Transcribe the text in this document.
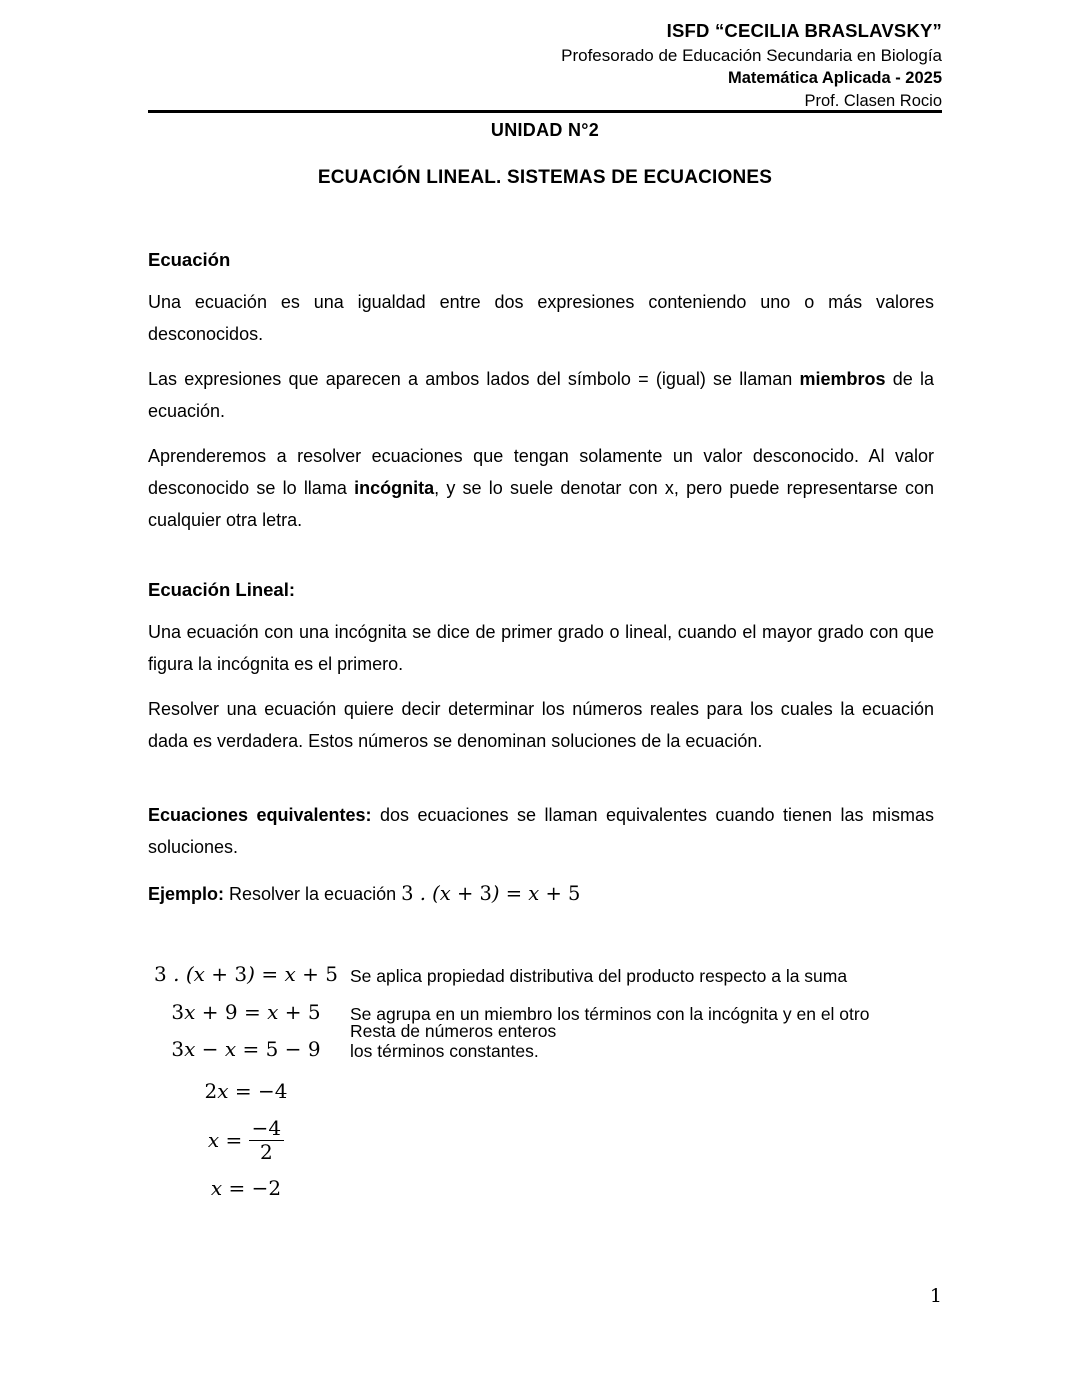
ISFD “CECILIA BRASLAVSKY”
Profesorado de Educación Secundaria en Biología
Matemática Aplicada - 2025
Prof. Clasen Rocio
UNIDAD N°2
ECUACIÓN LINEAL. SISTEMAS DE ECUACIONES
Ecuación

Una ecuación es una igualdad entre dos expresiones conteniendo uno o más valores desconocidos.

Las expresiones que aparecen a ambos lados del símbolo = (igual) se llaman miembros de la ecuación.

Aprenderemos a resolver ecuaciones que tengan solamente un valor desconocido. Al valor desconocido se lo llama incógnita, y se lo suele denotar con x, pero puede representarse con cualquier otra letra.

Ecuación Lineal:

Una ecuación con una incógnita se dice de primer grado o lineal, cuando el mayor grado con que figura la incógnita es el primero.

Resolver una ecuación quiere decir determinar los números reales para los cuales la ecuación dada es verdadera. Estos números se denominan soluciones de la ecuación.

Ecuaciones equivalentes: dos ecuaciones se llaman equivalentes cuando tienen las mismas soluciones.

Ejemplo: Resolver la ecuación 3 . (x + 3) = x + 5

3 . (x + 3) = x + 5 Se aplica propiedad distributiva del producto respecto a la suma
3x + 9 = x + 5	Se agrupa en un miembro los términos con la incógnita y en el otro
3x − x = 5 − 9	los términos constantes.
2x = −4
Resta de números enteros
$x = \frac{-4}{2}$
x = −2
1
